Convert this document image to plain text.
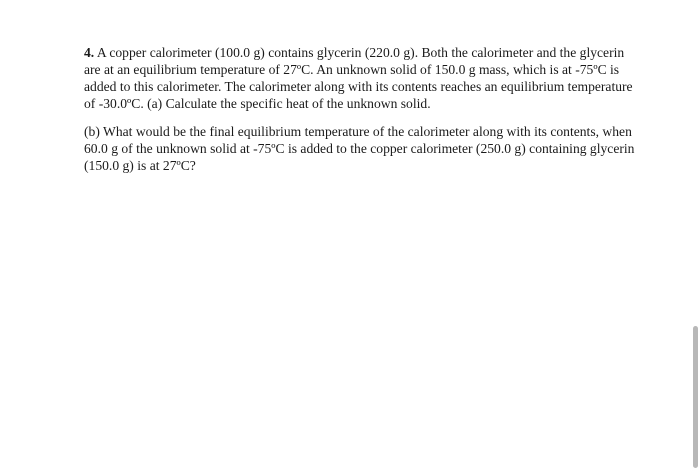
4. A copper calorimeter (100.0 g) contains glycerin (220.0 g). Both the calorimeter and the glycerin are at an equilibrium temperature of 27ºC. An unknown solid of 150.0 g mass, which is at -75ºC is added to this calorimeter. The calorimeter along with its contents reaches an equilibrium temperature of -30.0ºC. (a) Calculate the specific heat of the unknown solid.

(b) What would be the final equilibrium temperature of the calorimeter along with its contents, when 60.0 g of the unknown solid at -75ºC is added to the copper calorimeter (250.0 g) containing glycerin (150.0 g) is at 27ºC?
